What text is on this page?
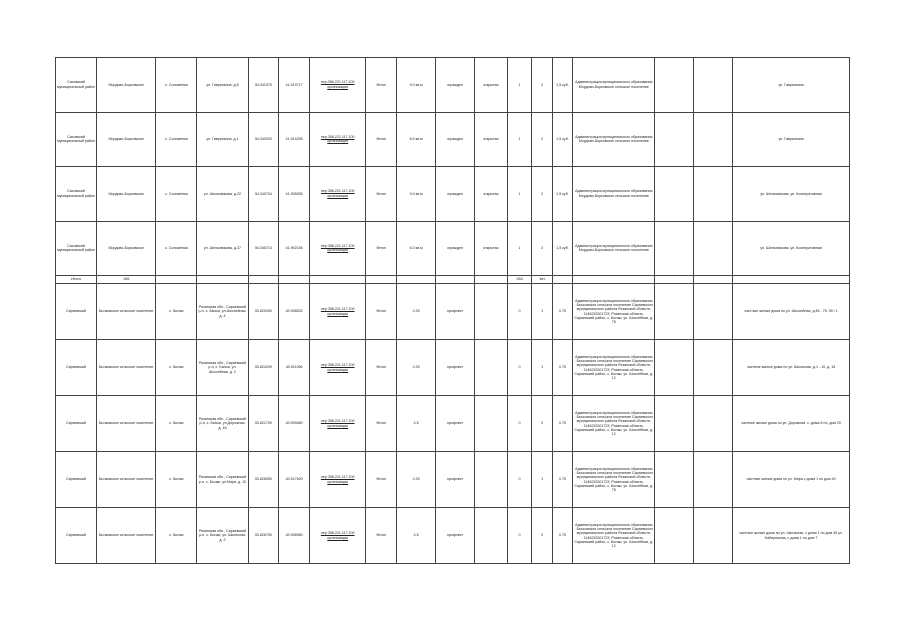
Сасовский муниципальный район	Мордово-Борковское	с. Соломенка	ул. Гаврилкина, д.8	54.341970	41.919717	пер.356.221.117.100 организации	бетон	9.0 кв.м	огражден	открытая	1	2	1,5 куб.	Администрация муниципального образования Мордово-Борковское сельское поселение			ул. Гаврилкина
Сасовский муниципальный район	Мордово-Борковское	с. Соломенка	ул. Гаврилкина, д.1	54.342003	41.914255	пер.356.221.117.100 организации	бетон	6.0 кв.м	огражден	открытая	1	2	1,5 куб.	Администрация муниципального образования Мордово-Борковское сельское поселение			ул. Гаврилкина
Сасовский муниципальный район	Мордово-Борковское	с. Соломенка	ул. Шелковикова, д.22	54.340704	41.905055	пер.356.221.117.100 организации	бетон	9.0 кв.м	огражден	открытая	1	2	1,5 куб.	Администрация муниципального образования Мордово-Борковское сельское поселение			ул. Шелковикова, ул. Кооперативная
Сасовский муниципальный район	Мордово-Борковское	с. Соломенка	ул. Шелковикова, д.37	54.340714	41.902155	пер.356.221.117.100 организации	бетон	6.0 кв.м	огражден	открытая	1	2	1,5 куб.	Администрация муниципального образования Мордово-Борковское сельское поселение			ул. Шелковикова, ул. Кооперативная
Итого	156										284	1вт					
Сараевский	Бычковское сельское поселение	с. Бычки	Рязанская обл., Сараевский р-н, с. Бычки, ул.Шоссейная, д. 4	53.820430	40.908532	пер.356.221.117.100 организации	бетон	2.25	профлист		0	1	0,75	Администрация муниципального образования - Бычковское сельское поселение Сараевского муниципального района Рязанской области, 1146232001723, Рязанская область, Сараевский район, с. Бычки, ул. Шоссейная, д. 75			частные жилые дома по ул. Шоссейная, д.46 - 75, 99 / 1
Сараевский	Бычковское сельское поселение	с. Бычки	Рязанская обл., Сараевский р-н, с. Бычки, ул. Шоссейная, д. 2	53.824209	40.911266	пер.356.221.117.100 организации	бетон	2.25	профлист		0	1	0,75	Администрация муниципального образования - Бычковское сельское поселение Сараевского муниципального района Рязанской области, 1146232001723, Рязанская область, Сараевский район, с. Бычки, ул. Шоссейная, д. 12			частные жилые дома по ул. Школьная, д.1 - 10, д. 15
Сараевский	Бычковское сельское поселение	с. Бычки	Рязанская обл., Сараевский р-н, с. Бычки, ул.Дорожная, д. 16	53.821700	40.909480	пер.356.221.117.100 организации	бетон	4.5	профлист		0	0	0,75	Администрация муниципального образования - Бычковское сельское поселение Сараевского муниципального района Рязанской области, 1146232001723, Рязанская область, Сараевский район, с. Бычки, ул. Шоссейная, д. 12			частные жилые дома по ул. Дорожная, с. дома 8 по, дом 20
Сараевский	Бычковское сельское поселение	с. Бычки	Рязанская обл., Сараевский р-н, с. Бычки, ул.Мира, д. 10	53.828050	40.917620	пер.356.221.117.100 организации	бетон	2.25	профлист		0	1	0,75	Администрация муниципального образования - Бычковское сельское поселение Сараевского муниципального района Рязанской области, 1146232001723, Рязанская область, Сараевский район, с. Бычки, ул. Шоссейная, д. 75			частные жилые дома по ул. Мира с дома 1 по дом 40
Сараевский	Бычковское сельское поселение	с. Бычки	Рязанская обл., Сараевский р-н, с. Бычки, ул. Школьная, д. 2	53.826700	40.908980	пер.356.221.117.100 организации	бетон	4.5	профлист		0	0	0,75	Администрация муниципального образования - Бычковское сельское поселение Сараевского муниципального района Рязанской области, 1146232001723, Рязанская область, Сараевский район, с. Бычки, ул. Шоссейная, д. 12			частные жилые дома по ул. Школьная, с дома 1 по дом 45 ул. Набережная, с дома 1 по дом 7
